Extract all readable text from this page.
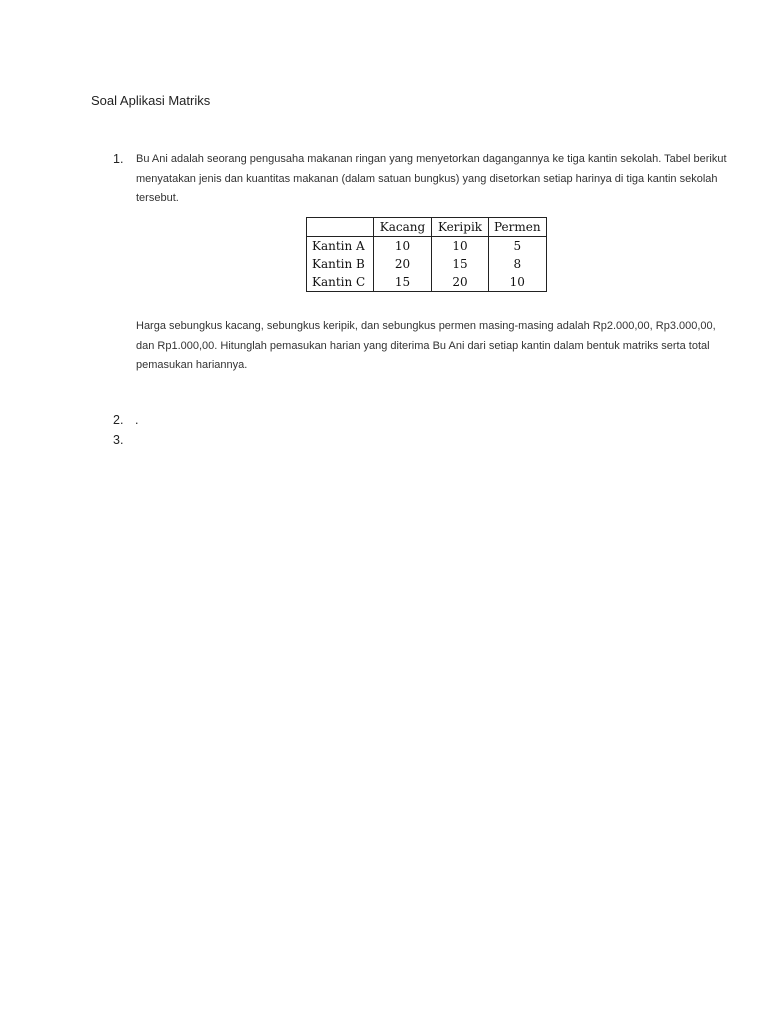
Soal Aplikasi Matriks
1. Bu Ani adalah seorang pengusaha makanan ringan yang menyetorkan dagangannya ke tiga kantin sekolah. Tabel berikut
menyatakan jenis dan kuantitas makanan (dalam satuan bungkus) yang disetorkan setiap harinya di tiga kantin sekolah
tersebut.
	Kacang	Keripik	Permen
Kantin A	10	10	5
Kantin B	20	15	8
Kantin C	15	20	10
Harga sebungkus kacang, sebungkus keripik, dan sebungkus permen masing-masing adalah Rp2.000,00, Rp3.000,00,
dan Rp1.000,00. Hitunglah pemasukan harian yang diterima Bu Ani dari setiap kantin dalam bentuk matriks serta total
pemasukan hariannya.
2. .
3.
